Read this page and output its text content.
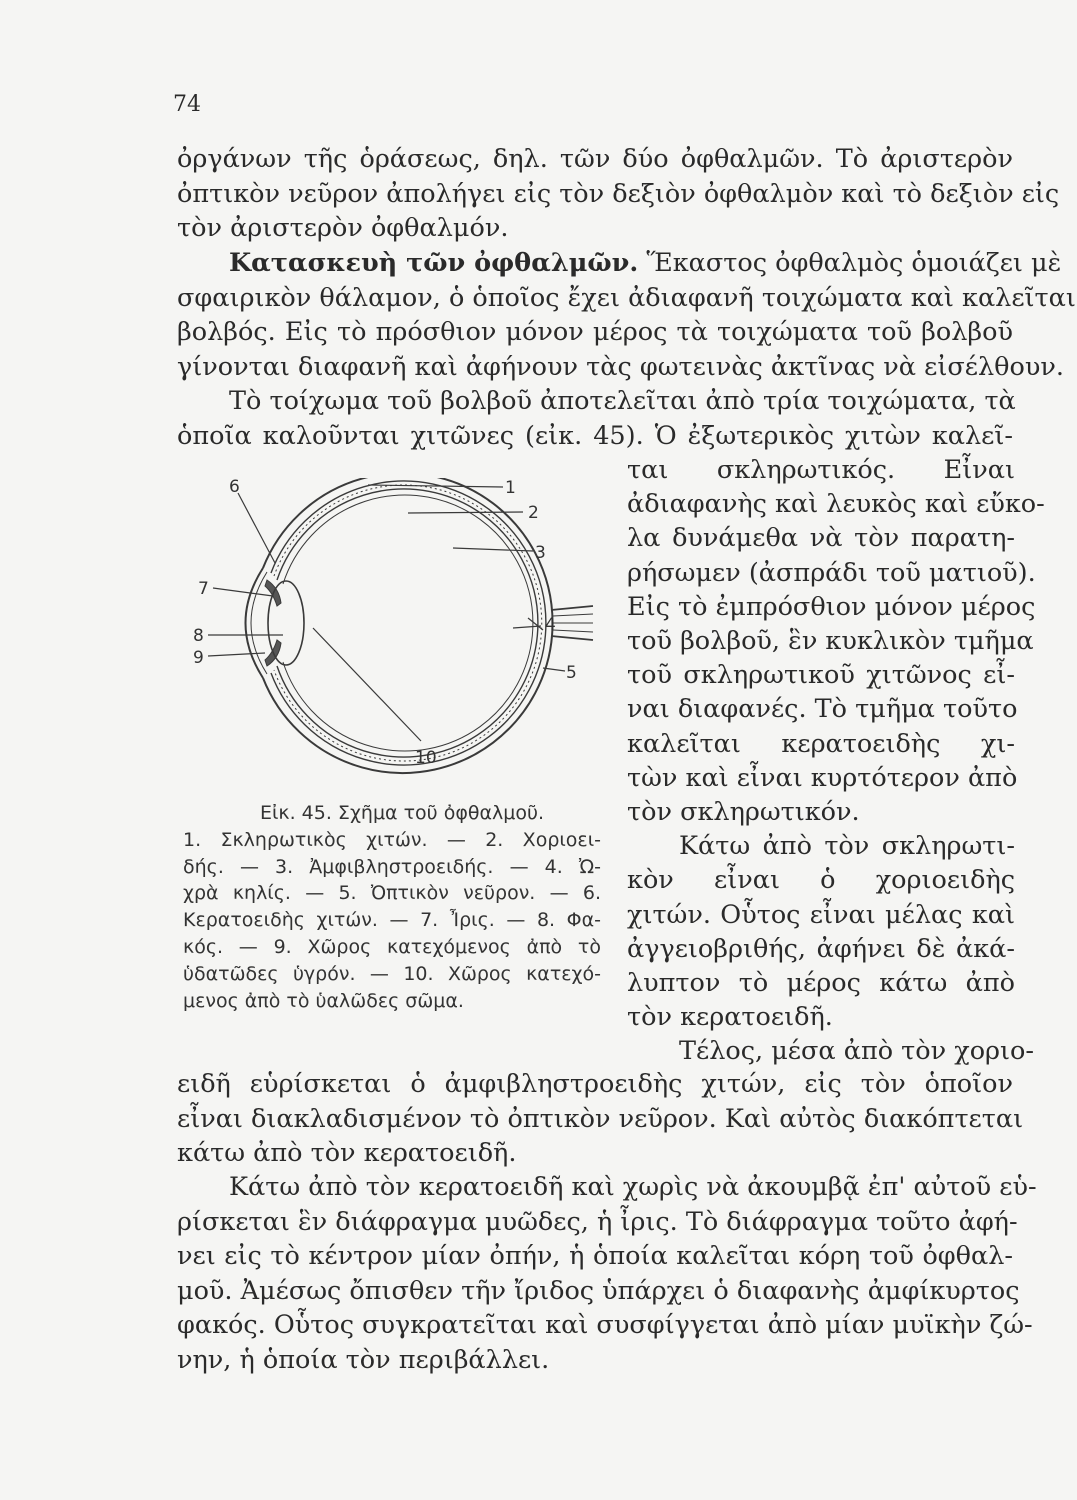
74
ὀργάνων τῆς ὁράσεως, δηλ. τῶν δύο ὀφθαλμῶν. Τὸ ἀριστερὸν
ὀπτικὸν νεῦρον ἀπολήγει εἰς τὸν δεξιὸν ὀφθαλμὸν καὶ τὸ δεξιὸν εἰς
τὸν ἀριστερὸν ὀφθαλμόν.
Κατασκευὴ τῶν ὀφθαλμῶν. Ἕκαστος ὀφθαλμὸς ὁμοιάζει μὲ
σφαιρικὸν θάλαμον, ὁ ὁποῖος ἔχει ἀδιαφανῆ τοιχώματα καὶ καλεῖται
βολβός. Εἰς τὸ πρόσθιον μόνον μέρος τὰ τοιχώματα τοῦ βολβοῦ
γίνονται διαφανῆ καὶ ἀφήνουν τὰς φωτεινὰς ἀκτῖνας νὰ εἰσέλθουν.
Τὸ τοίχωμα τοῦ βολβοῦ ἀποτελεῖται ἀπὸ τρία τοιχώματα, τὰ
ὁποῖα καλοῦνται χιτῶνες (εἰκ. 45). Ὁ ἐξωτερικὸς χιτὼν καλεῖ-
1
2
3
4
5
6
7
8
9
10
Εἰκ. 45. Σχῆμα τοῦ ὀφθαλμοῦ.
1. Σκληρωτικὸς χιτών. — 2. Χοριοει-
δής. — 3. Ἀμφιβληστροειδής. — 4. Ὠ-
χρὰ κηλίς. — 5. Ὀπτικὸν νεῦρον. — 6.
Κερατοειδὴς χιτών. — 7. Ἶρις. — 8. Φα-
κός. — 9. Χῶρος κατεχόμενος ἀπὸ τὸ
ὑδατῶδες ὑγρόν. — 10. Χῶρος κατεχό-
μενος ἀπὸ τὸ ὑαλῶδες σῶμα.
ται σκληρωτικός. Εἶναι
ἀδιαφανὴς καὶ λευκὸς καὶ εὔκο-
λα δυνάμεθα νὰ τὸν παρατη-
ρήσωμεν (ἀσπράδι τοῦ ματιοῦ).
Εἰς τὸ ἐμπρόσθιον μόνον μέρος
τοῦ βολβοῦ, ἓν κυκλικὸν τμῆμα
τοῦ σκληρωτικοῦ χιτῶνος εἶ-
ναι διαφανές. Τὸ τμῆμα τοῦτο
καλεῖται κερατοειδὴς χι-
τὼν καὶ εἶναι κυρτότερον ἀπὸ
τὸν σκληρωτικόν.
Κάτω ἀπὸ τὸν σκληρωτι-
κὸν εἶναι ὁ χοριοειδὴς
χιτών. Οὗτος εἶναι μέλας καὶ
ἀγγειοβριθής, ἀφήνει δὲ ἀκά-
λυπτον τὸ μέρος κάτω ἀπὸ
τὸν κερατοειδῆ.
Τέλος, μέσα ἀπὸ τὸν χοριο-
ειδῆ εὑρίσκεται ὁ ἀμφιβληστροειδὴς χιτών, εἰς τὸν ὁποῖον
εἶναι διακλαδισμένον τὸ ὀπτικὸν νεῦρον. Καὶ αὐτὸς διακόπτεται
κάτω ἀπὸ τὸν κερατοειδῆ.
Κάτω ἀπὸ τὸν κερατοειδῆ καὶ χωρὶς νὰ ἀκουμβᾷ ἐπ' αὐτοῦ εὑ-
ρίσκεται ἓν διάφραγμα μυῶδες, ἡ ἶρις. Τὸ διάφραγμα τοῦτο ἀφή-
νει εἰς τὸ κέντρον μίαν ὀπήν, ἡ ὁποία καλεῖται κόρη τοῦ ὀφθαλ-
μοῦ. Ἀμέσως ὄπισθεν τῆν ἴριδος ὑπάρχει ὁ διαφανὴς ἀμφίκυρτος
φακός. Οὗτος συγκρατεῖται καὶ συσφίγγεται ἀπὸ μίαν μυϊκὴν ζώ-
νην, ἡ ὁποία τὸν περιβάλλει.
